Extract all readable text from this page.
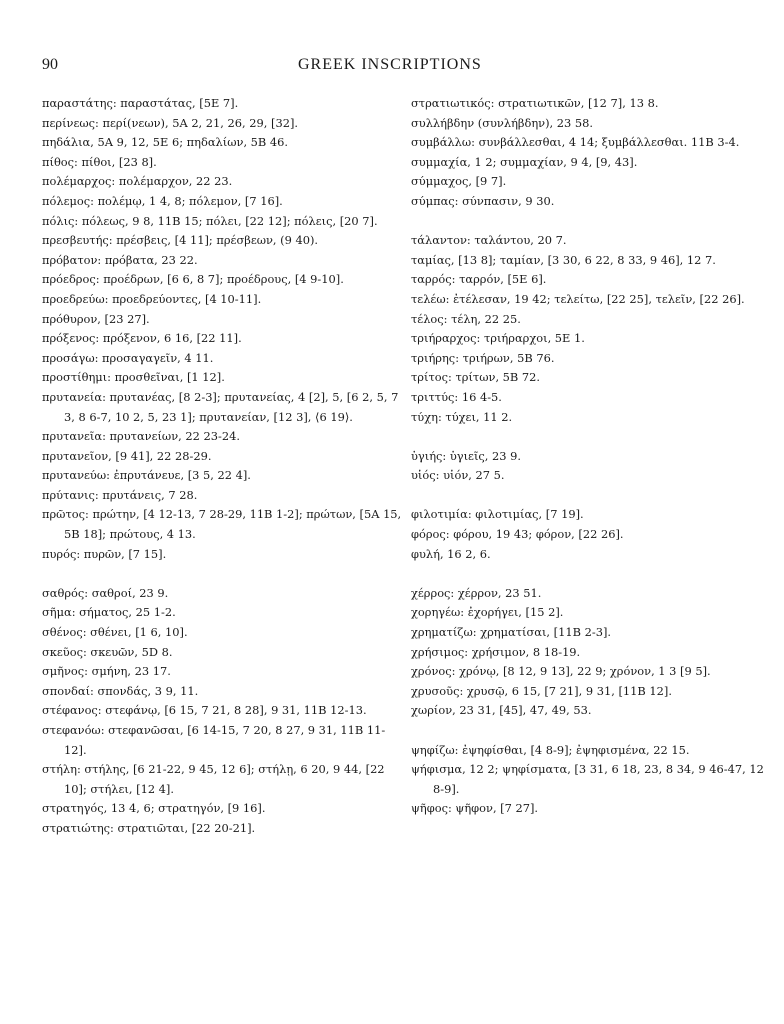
90	GREEK INSCRIPTIONS
παραστάτης: παραστάτας, [5E 7].
περίνεως: περί(νεων), 5A 2, 21, 26, 29, [32].
πηδάλια, 5A 9, 12, 5E 6; πηδαλίων, 5B 46.
πίθος: πίθοι, [23 8].
πολέμαρχος: πολέμαρχον, 22 23.
πόλεμος: πολέμῳ, 1 4, 8; πόλεμον, [7 16].
πόλις: πόλεως, 9 8, 11B 15; πόλει, [22 12]; πόλεις, [20 7].
πρεσβευτής: πρέσβεις, [4 11]; πρέσβεων, (9 40).
πρόβατον: πρόβατα, 23 22.
πρόεδρος: προέδρων, [6 6, 8 7]; προέδρους, [4 9-10].
προεδρεύω: προεδρεύοντες, [4 10-11].
πρόθυρον, [23 27].
πρόξενος: πρόξενον, 6 16, [22 11].
προσάγω: προσαγαγεῖν, 4 11.
προστίθημι: προσθεῖναι, [1 12].
πρυτανεία: πρυτανέας, [8 2-3]; πρυτανείας, 4 [2], 5, [6 2, 5, 7 3, 8 6-7, 10 2, 5, 23 1]; πρυτανείαν, [12 3], ⟨6 19⟩.
πρυτανεῖα: πρυτανείων, 22 23-24.
πρυτανεῖον, [9 41], 22 28-29.
πρυτανεύω: ἐπρυτάνευε, [3 5, 22 4].
πρύτανις: πρυτάνεις, 7 28.
πρῶτος: πρώτην, [4 12-13, 7 28-29, 11B 1-2]; πρώτων, [5A 15, 5B 18]; πρώτους, 4 13.
πυρός: πυρῶν, [7 15].
σαθρός: σαθροί, 23 9.
σῆμα: σήματος, 25 1-2.
σθένος: σθένει, [1 6, 10].
σκεῦος: σκευῶν, 5D 8.
σμῆνος: σμήνη, 23 17.
σπονδαί: σπονδάς, 3 9, 11.
στέφανος: στεφάνῳ, [6 15, 7 21, 8 28], 9 31, 11B 12-13.
στεφανόω: στεφανῶσαι, [6 14-15, 7 20, 8 27, 9 31, 11B 11-12].
στήλη: στήλης, [6 21-22, 9 45, 12 6]; στήλῃ, 6 20, 9 44, [22 10]; στήλει, [12 4].
στρατηγός, 13 4, 6; στρατηγόν, [9 16].
στρατιώτης: στρατιῶται, [22 20-21].
στρατιωτικός: στρατιωτικῶν, [12 7], 13 8.
συλλήβδην (συνλήβδην), 23 58.
συμβάλλω: συνβάλλεσθαι, 4 14; ξυμβάλλεσθαι. 11B 3-4.
συμμαχία, 1 2; συμμαχίαν, 9 4, [9, 43].
σύμμαχος, [9 7].
σύμπας: σύνπασιν, 9 30.
τάλαντον: ταλάντου, 20 7.
ταμίας, [13 8]; ταμίαν, [3 30, 6 22, 8 33, 9 46], 12 7.
ταρρός: ταρρόν, [5E 6].
τελέω: ἐτέλεσαν, 19 42; τελείτω, [22 25], τελεῖν, [22 26].
τέλος: τέλη, 22 25.
τριήραρχος: τριήραρχοι, 5E 1.
τριήρης: τριήρων, 5B 76.
τρίτος: τρίτων, 5B 72.
τριττύς: 16 4-5.
τύχη: τύχει, 11 2.
ὑγιής: ὑγιεῖς, 23 9.
υἱός: υἱόν, 27 5.
φιλοτιμία: φιλοτιμίας, [7 19].
φόρος: φόρου, 19 43; φόρον, [22 26].
φυλή, 16 2, 6.
χέρρος: χέρρον, 23 51.
χορηγέω: ἐχορήγει, [15 2].
χρηματίζω: χρηματίσαι, [11B 2-3].
χρήσιμος: χρήσιμον, 8 18-19.
χρόνος: χρόνῳ, [8 12, 9 13], 22 9; χρόνον, 1 3 [9 5].
χρυσοῦς: χρυσῷ, 6 15, [7 21], 9 31, [11B 12].
χωρίον, 23 31, [45], 47, 49, 53.
ψηφίζω: ἐψηφίσθαι, [4 8-9]; ἐψηφισμένα, 22 15.
ψήφισμα, 12 2; ψηφίσματα, [3 31, 6 18, 23, 8 34, 9 46-47, 12 8-9].
ψῆφος: ψῆφον, [7 27].
